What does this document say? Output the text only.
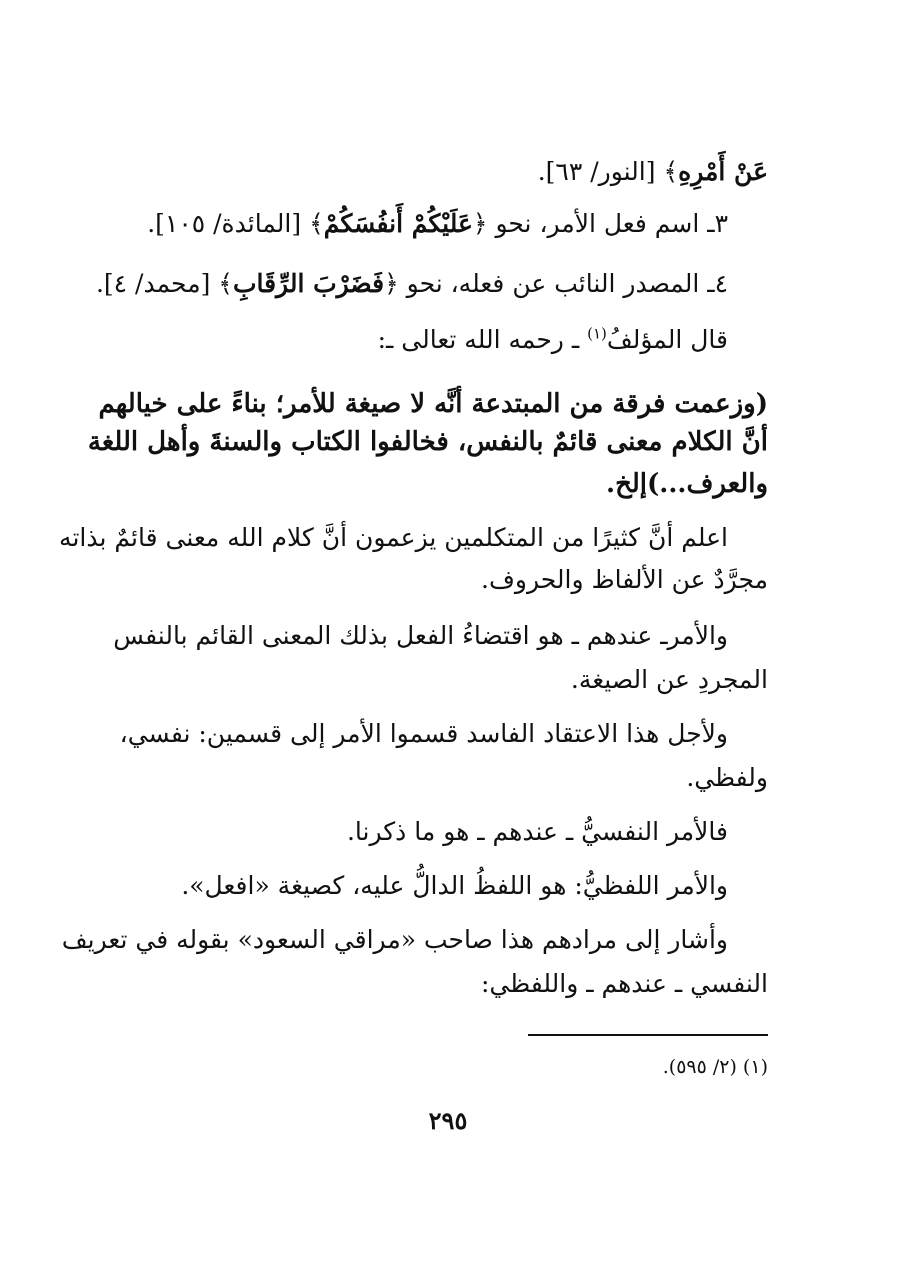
عَنْ أَمْرِهِ﴾ [النور/ ٦٣].
٣ـ اسم فعل الأمر، نحو ﴿عَلَيْكُمْ أَنفُسَكُمْ﴾ [المائدة/ ١٠٥].
٤ـ المصدر النائب عن فعله، نحو ﴿فَضَرْبَ الرِّقَابِ﴾ [محمد/ ٤].
قال المؤلفُ$^{(١)}$ ـ رحمه الله تعالى ـ:
(وزعمت فرقة من المبتدعة أنَّه لا صيغة للأمر؛ بناءً على خيالهم
أنَّ الكلام معنى قائمٌ بالنفس، فخالفوا الكتاب والسنةَ وأهل اللغة
والعرف...)إلخ.
اعلم أنَّ كثيرًا من المتكلمين يزعمون أنَّ كلام الله معنى قائمٌ بذاته
مجرَّدٌ عن الألفاظ والحروف.
والأمرـ عندهم ـ هو اقتضاءُ الفعل بذلك المعنى القائم بالنفس
المجردِ عن الصيغة.
ولأجل هذا الاعتقاد الفاسد قسموا الأمر إلى قسمين: نفسي،
ولفظي.
فالأمر النفسيُّ ـ عندهم ـ هو ما ذكرنا.
والأمر اللفظيُّ: هو اللفظُ الدالُّ عليه، كصيغة «افعل».
وأشار إلى مرادهم هذا صاحب «مراقي السعود» بقوله في تعريف
النفسي ـ عندهم ـ واللفظي:
(١) (٢/ ٥٩٥).
٢٩٥
